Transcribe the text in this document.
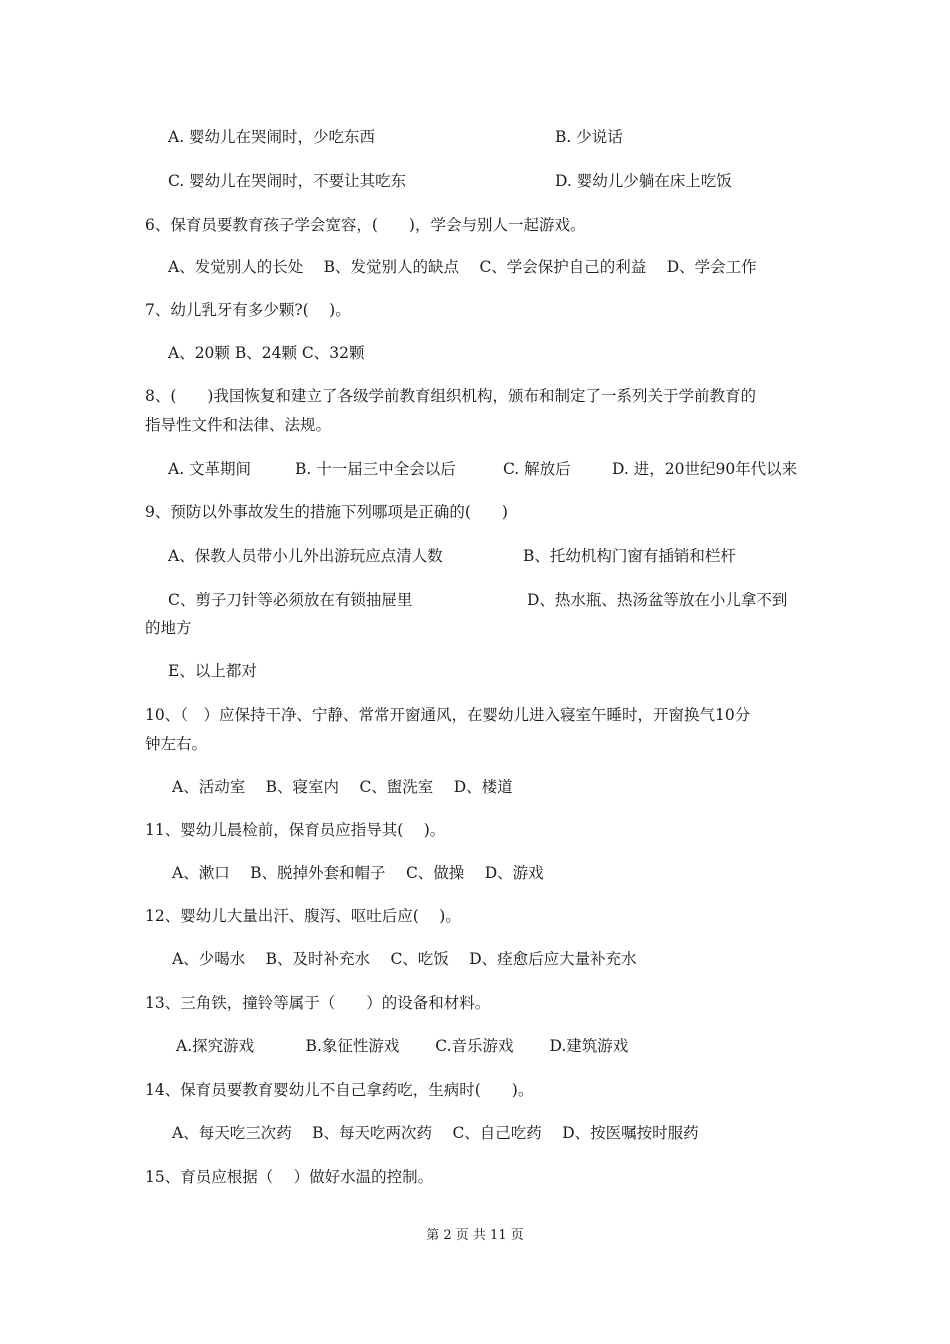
A. 婴幼儿在哭闹时，少吃东西	B. 少说话
C. 婴幼儿在哭闹时，不要让其吃东	D. 婴幼儿少躺在床上吃饭

6、保育员要教育孩子学会宽容，(　　)，学会与别人一起游戏。

A、发觉别人的长处　 B、发觉别人的缺点　 C、学会保护自己的利益　 D、学会工作

7、幼儿乳牙有多少颗?(　 )。

A、20颗 B、24颗 C、32颗

8、(　　)我国恢复和建立了各级学前教育组织机构，颁布和制定了一系列关于学前教育的

指导性文件和法律、法规。

A. 文革期间	B. 十一届三中全会以后	C. 解放后	D. 进，20世纪90年代以来

9、预防以外事故发生的措施下列哪项是正确的(　　)

A、保教人员带小儿外出游玩应点清人数	B、托幼机构门窗有插销和栏杆
C、剪子刀针等必须放在有锁抽屉里	D、热水瓶、热汤盆等放在小儿拿不到
的地方
E、以上都对

10、（　）应保持干净、宁静、常常开窗通风，在婴幼儿进入寝室午睡时，开窗换气10分

钟左右。

A、活动室　 B、寝室内　 C、盥洗室　 D、楼道

11、婴幼儿晨检前，保育员应指导其(　 )。

A、漱口　 B、脱掉外套和帽子　 C、做操　 D、游戏

12、婴幼儿大量出汗、腹泻、呕吐后应(　 )。

A、少喝水　 B、及时补充水　 C、吃饭　 D、痊愈后应大量补充水

13、三角铁，撞铃等属于（　　）的设备和材料。

A.探究游戏　　　 B.象征性游戏　　 C.音乐游戏　　 D.建筑游戏

14、保育员要教育婴幼儿不自己拿药吃，生病时(　　)。

A、每天吃三次药　 B、每天吃两次药　 C、自己吃药　 D、按医嘱按时服药

15、育员应根据（　 ）做好水温的控制。

第 2 页 共 11 页
